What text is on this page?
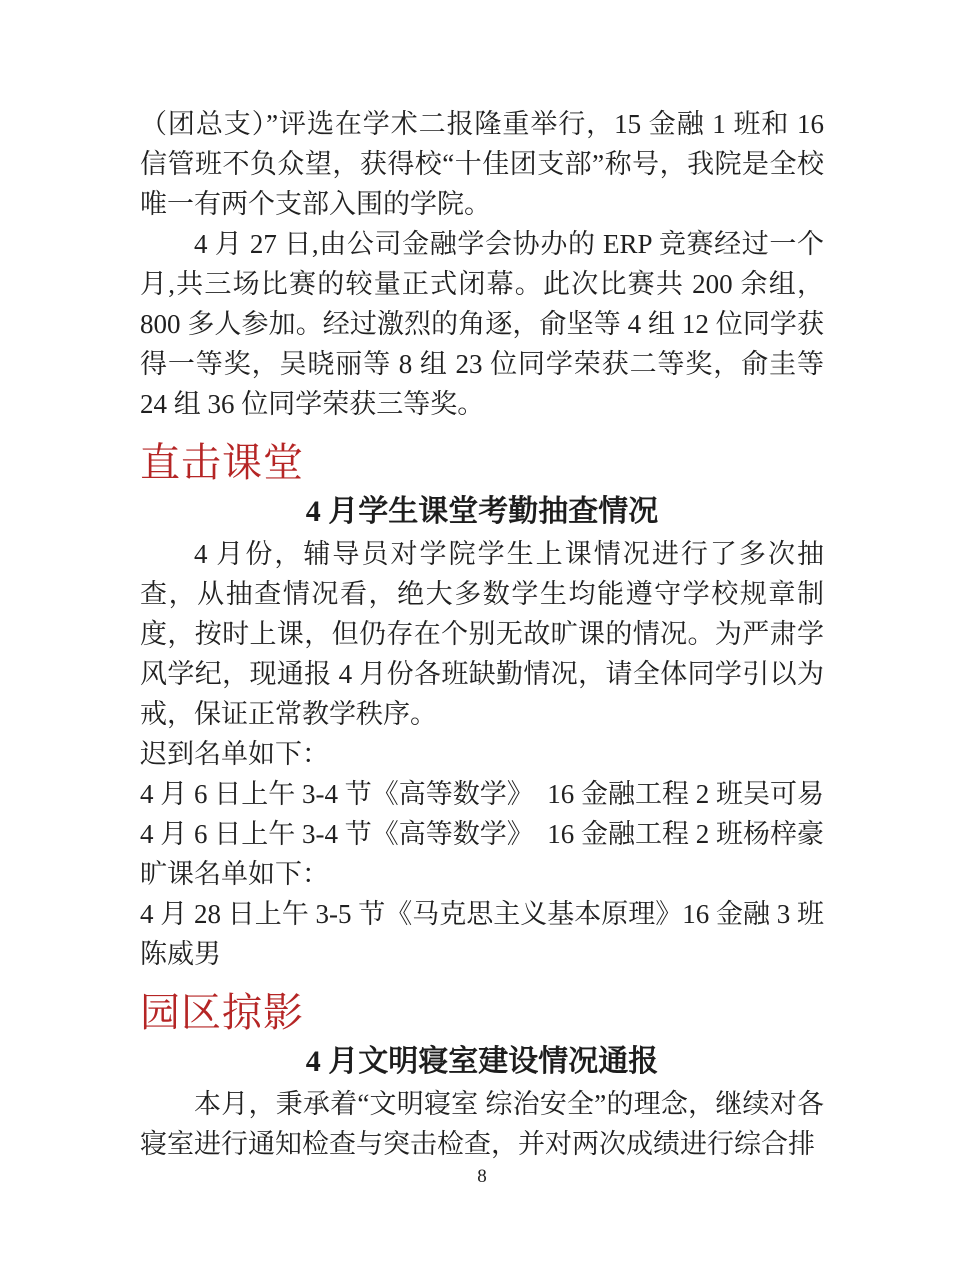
（团总支）”评选在学术二报隆重举行，15 金融 1 班和 16 信管班不负众望，获得校“十佳团支部”称号，我院是全校唯一有两个支部入围的学院。

4 月 27 日,由公司金融学会协办的 ERP 竞赛经过一个月,共三场比赛的较量正式闭幕。此次比赛共 200 余组，800 多人参加。经过激烈的角逐，俞坚等 4 组 12 位同学获得一等奖，吴晓丽等 8 组 23 位同学荣获二等奖，俞圭等 24 组 36 位同学荣获三等奖。

直击课堂
4 月学生课堂考勤抽查情况

4 月份，辅导员对学院学生上课情况进行了多次抽查，从抽查情况看，绝大多数学生均能遵守学校规章制度，按时上课，但仍存在个别无故旷课的情况。为严肃学风学纪，现通报 4 月份各班缺勤情况，请全体同学引以为戒，保证正常教学秩序。

迟到名单如下：

4 月 6 日上午 3-4 节《高等数学》　16 金融工程 2 班吴可易

4 月 6 日上午 3-4 节《高等数学》　16 金融工程 2 班杨梓豪

旷课名单如下：

4 月 28 日上午 3-5 节《马克思主义基本原理》16 金融 3 班陈威男

园区掠影
4 月文明寝室建设情况通报

本月，秉承着“文明寝室 综治安全”的理念，继续对各寝室进行通知检查与突击检查，并对两次成绩进行综合排

8
